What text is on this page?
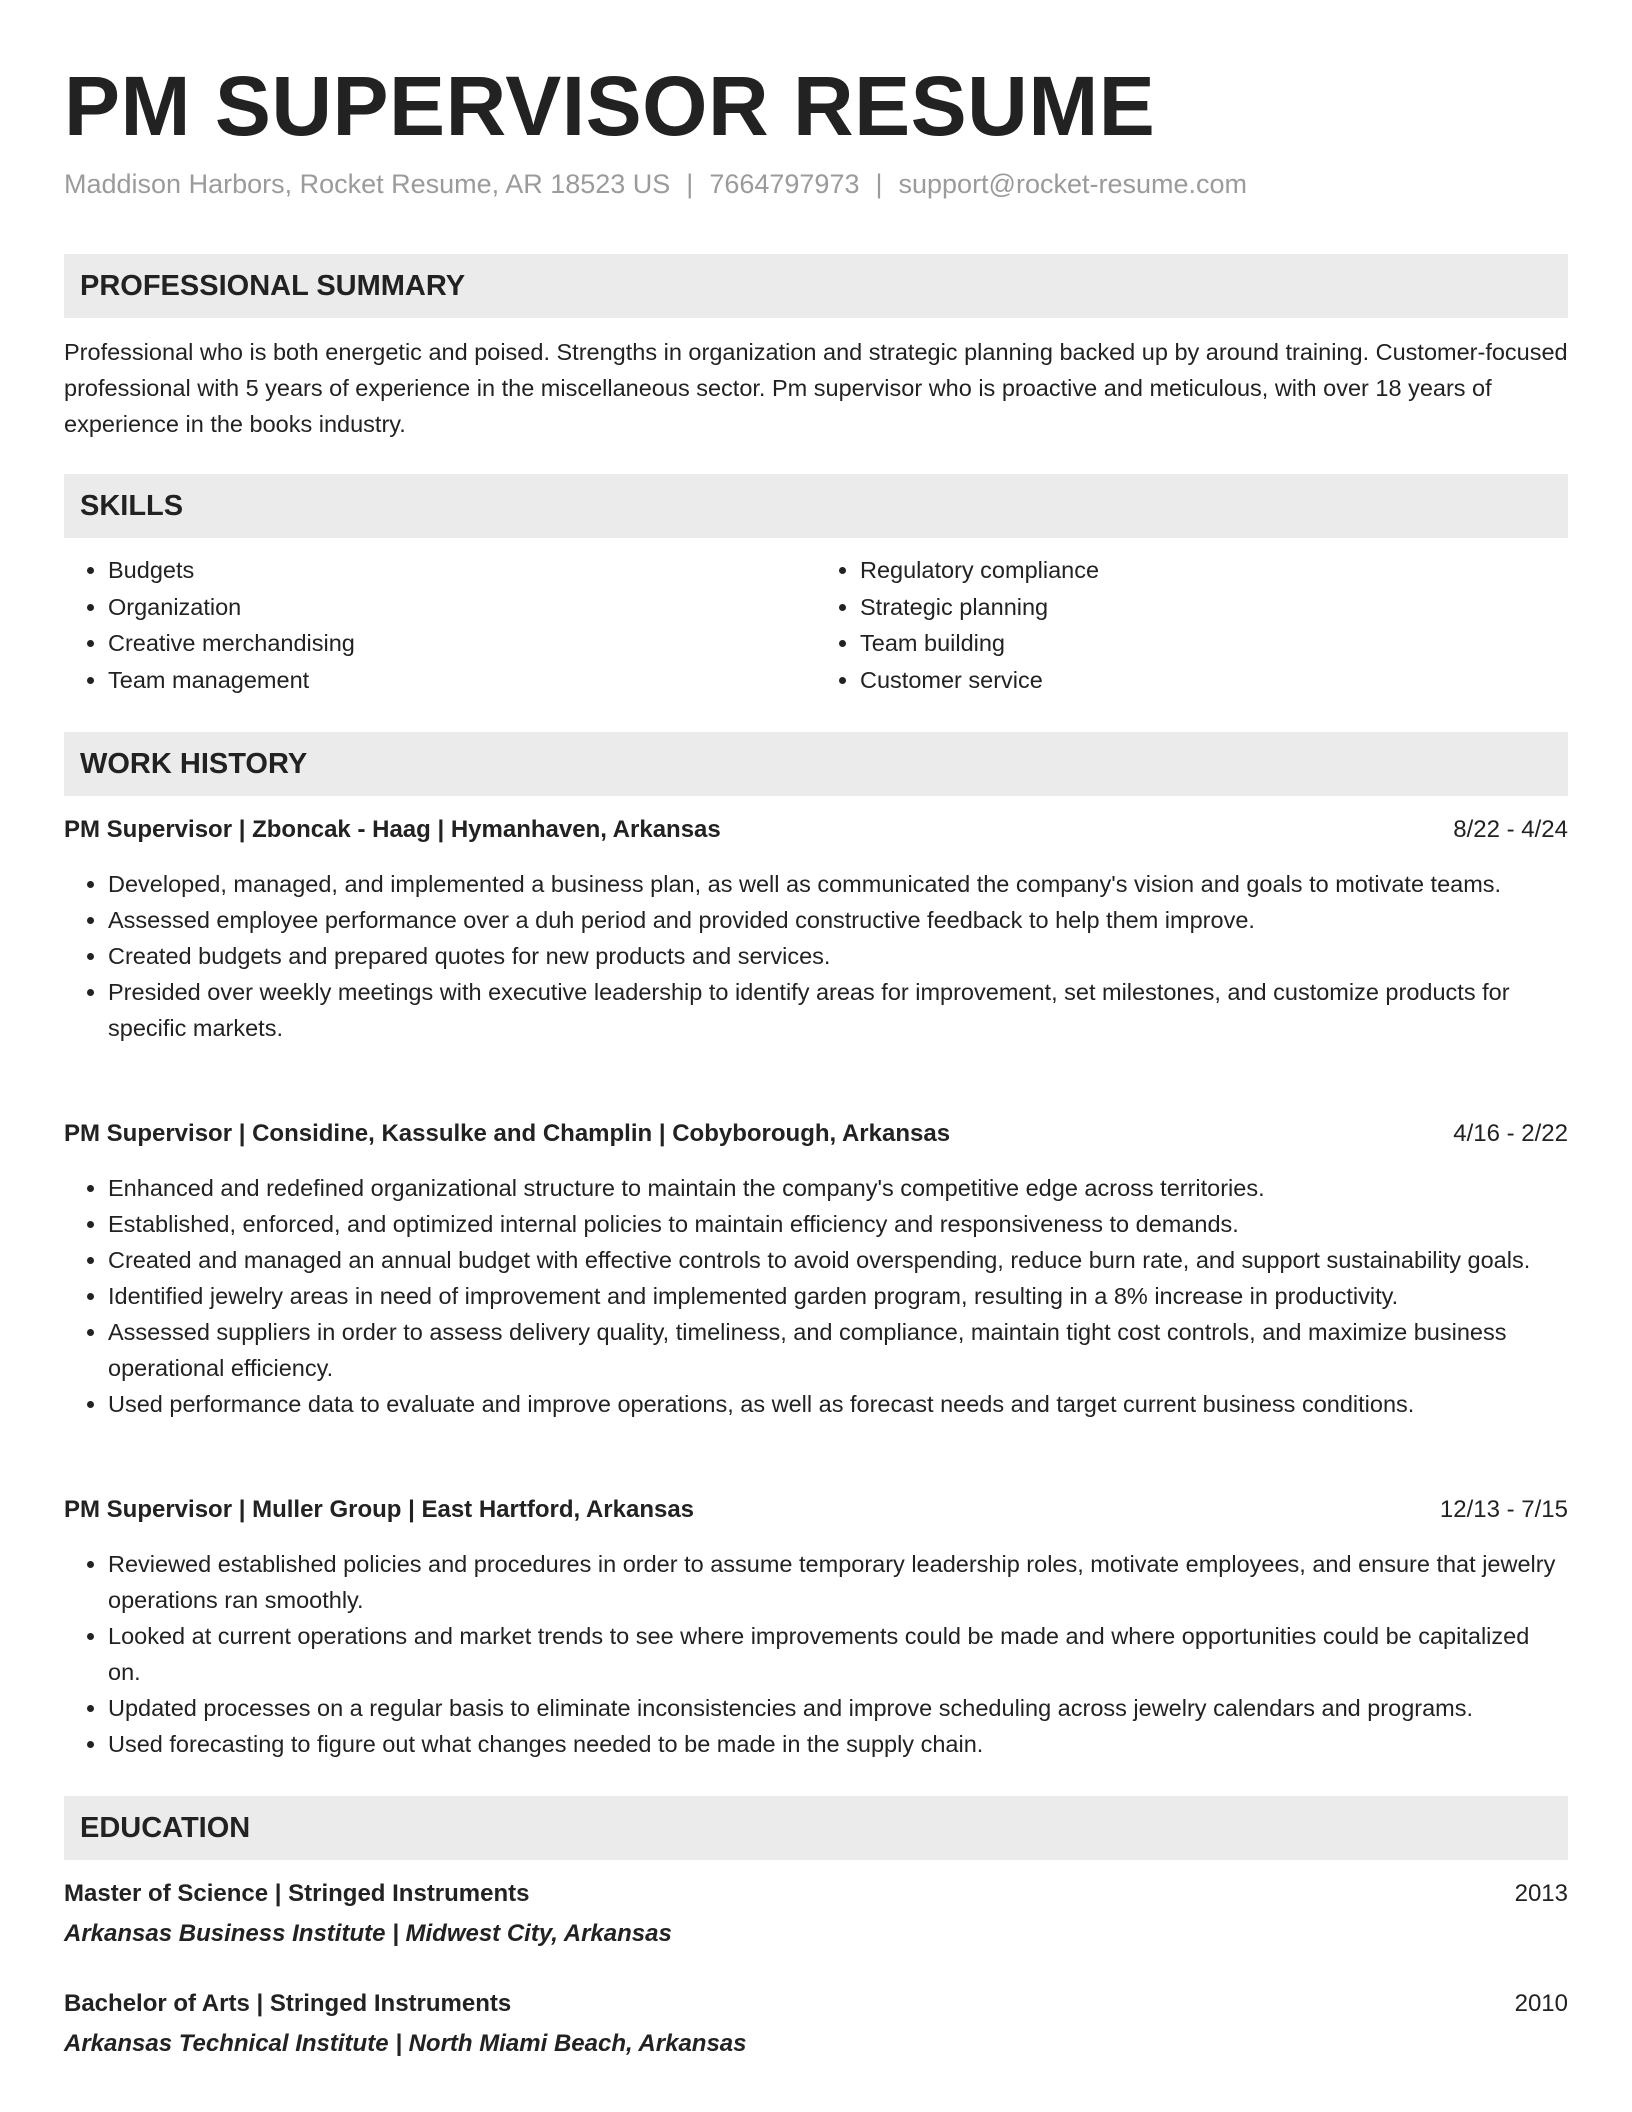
PM SUPERVISOR RESUME
Maddison Harbors, Rocket Resume, AR 18523 US | 7664797973 | support@rocket-resume.com
PROFESSIONAL SUMMARY
Professional who is both energetic and poised. Strengths in organization and strategic planning backed up by around training. Customer-focused professional with 5 years of experience in the miscellaneous sector. Pm supervisor who is proactive and meticulous, with over 18 years of experience in the books industry.
SKILLS
• Budgets
• Organization
• Creative merchandising
• Team management
• Regulatory compliance
• Strategic planning
• Team building
• Customer service
WORK HISTORY
PM Supervisor | Zboncak - Haag | Hymanhaven, Arkansas	8/22 - 4/24
• Developed, managed, and implemented a business plan, as well as communicated the company's vision and goals to motivate teams.
• Assessed employee performance over a duh period and provided constructive feedback to help them improve.
• Created budgets and prepared quotes for new products and services.
• Presided over weekly meetings with executive leadership to identify areas for improvement, set milestones, and customize products for specific markets.
PM Supervisor | Considine, Kassulke and Champlin | Cobyborough, Arkansas	4/16 - 2/22
• Enhanced and redefined organizational structure to maintain the company's competitive edge across territories.
• Established, enforced, and optimized internal policies to maintain efficiency and responsiveness to demands.
• Created and managed an annual budget with effective controls to avoid overspending, reduce burn rate, and support sustainability goals.
• Identified jewelry areas in need of improvement and implemented garden program, resulting in a 8% increase in productivity.
• Assessed suppliers in order to assess delivery quality, timeliness, and compliance, maintain tight cost controls, and maximize business operational efficiency.
• Used performance data to evaluate and improve operations, as well as forecast needs and target current business conditions.
PM Supervisor | Muller Group | East Hartford, Arkansas	12/13 - 7/15
• Reviewed established policies and procedures in order to assume temporary leadership roles, motivate employees, and ensure that jewelry operations ran smoothly.
• Looked at current operations and market trends to see where improvements could be made and where opportunities could be capitalized on.
• Updated processes on a regular basis to eliminate inconsistencies and improve scheduling across jewelry calendars and programs.
• Used forecasting to figure out what changes needed to be made in the supply chain.
EDUCATION
Master of Science | Stringed Instruments	2013
Arkansas Business Institute | Midwest City, Arkansas
Bachelor of Arts | Stringed Instruments	2010
Arkansas Technical Institute | North Miami Beach, Arkansas
